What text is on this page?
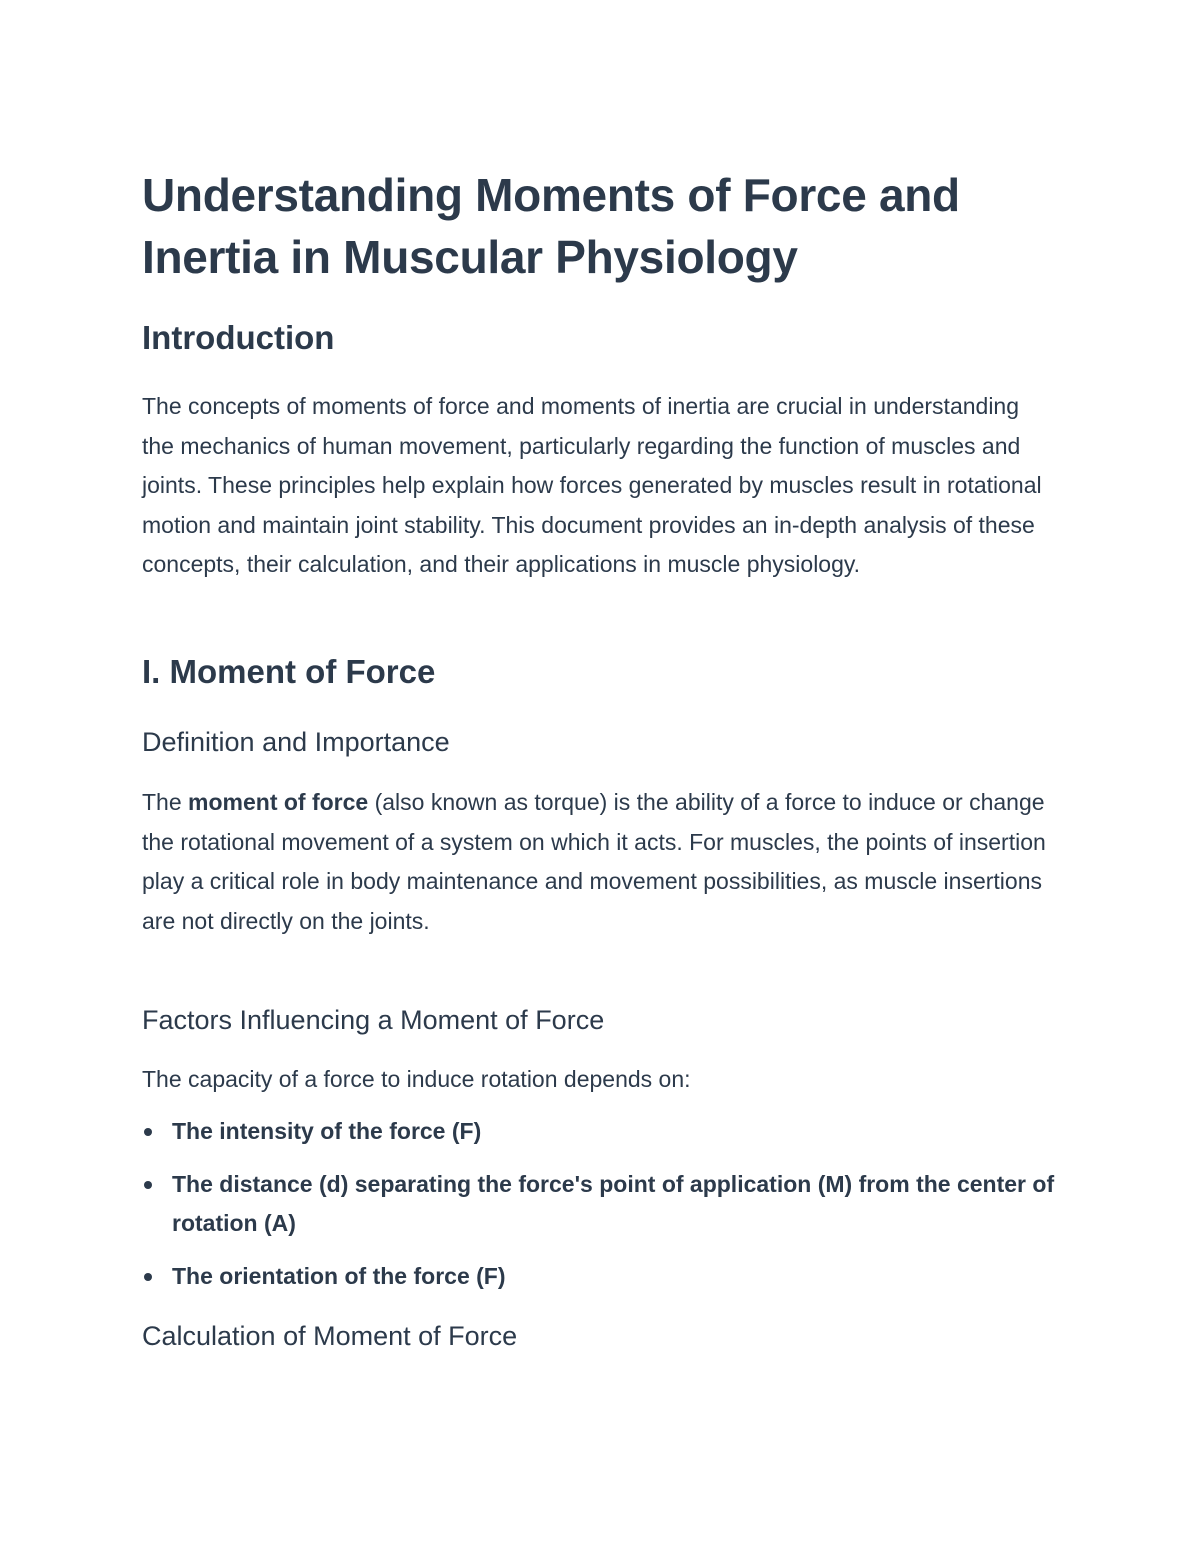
Understanding Moments of Force and Inertia in Muscular Physiology
Introduction

The concepts of moments of force and moments of inertia are crucial in understanding the mechanics of human movement, particularly regarding the function of muscles and joints. These principles help explain how forces generated by muscles result in rotational motion and maintain joint stability. This document provides an in-depth analysis of these concepts, their calculation, and their applications in muscle physiology.

I. Moment of Force
Definition and Importance

The moment of force (also known as torque) is the ability of a force to induce or change the rotational movement of a system on which it acts. For muscles, the points of insertion play a critical role in body maintenance and movement possibilities, as muscle insertions are not directly on the joints.

Factors Influencing a Moment of Force

The capacity of a force to induce rotation depends on:

The intensity of the force (F)
The distance (d) separating the force's point of application (M) from the center of rotation (A)
The orientation of the force (F)
Calculation of Moment of Force
